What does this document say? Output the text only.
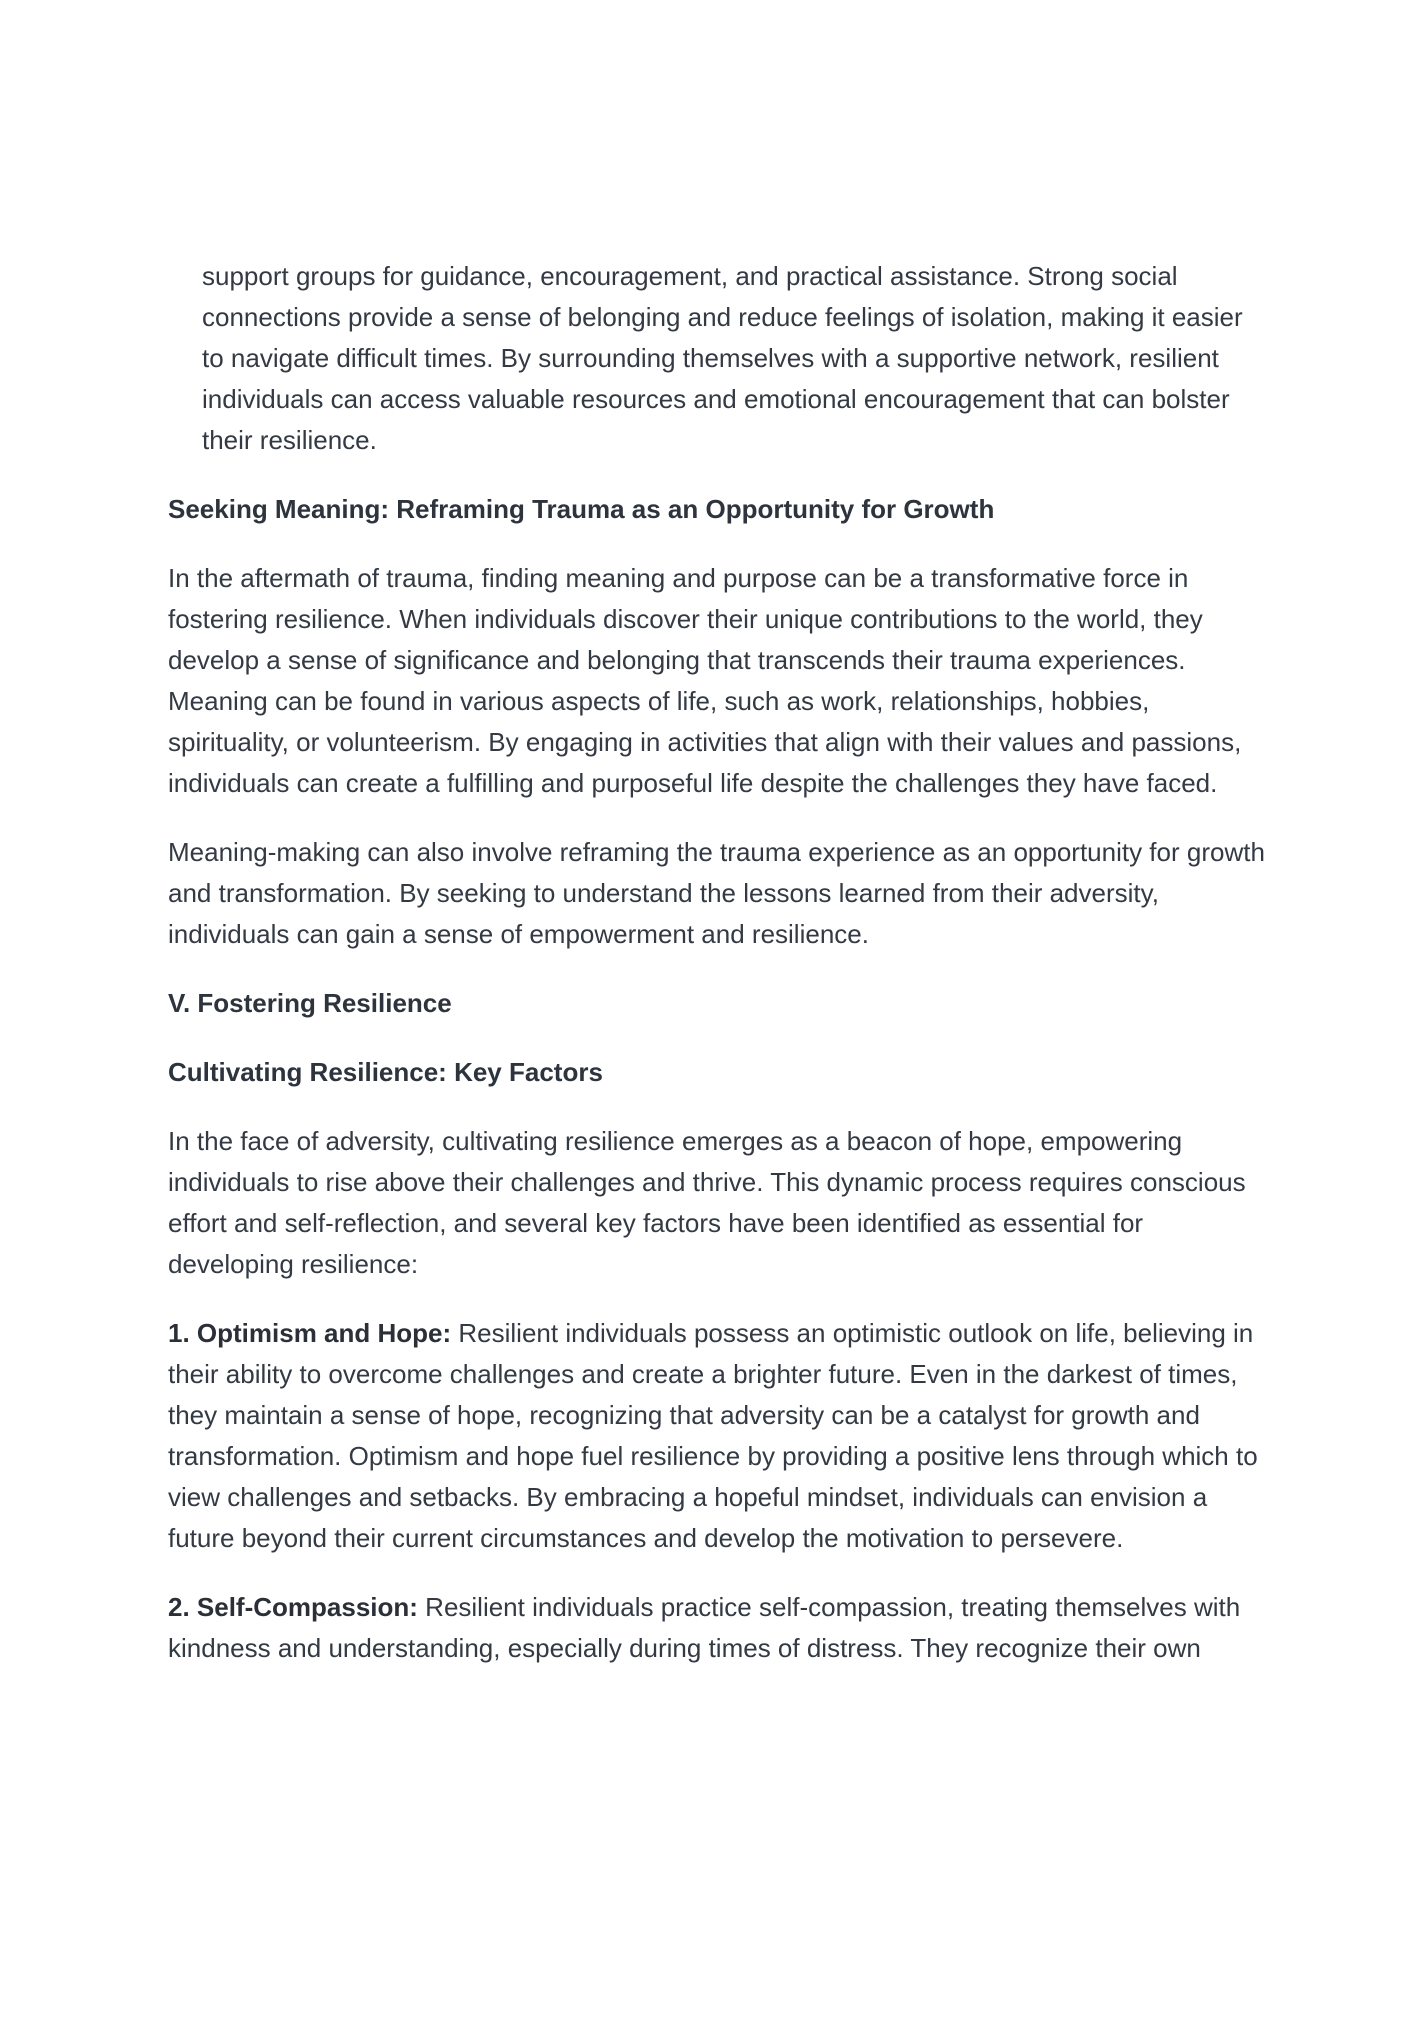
support groups for guidance, encouragement, and practical assistance. Strong social connections provide a sense of belonging and reduce feelings of isolation, making it easier to navigate difficult times. By surrounding themselves with a supportive network, resilient individuals can access valuable resources and emotional encouragement that can bolster their resilience.

Seeking Meaning: Reframing Trauma as an Opportunity for Growth

In the aftermath of trauma, finding meaning and purpose can be a transformative force in fostering resilience. When individuals discover their unique contributions to the world, they develop a sense of significance and belonging that transcends their trauma experiences. Meaning can be found in various aspects of life, such as work, relationships, hobbies, spirituality, or volunteerism. By engaging in activities that align with their values and passions, individuals can create a fulfilling and purposeful life despite the challenges they have faced.

Meaning-making can also involve reframing the trauma experience as an opportunity for growth and transformation. By seeking to understand the lessons learned from their adversity, individuals can gain a sense of empowerment and resilience.

V. Fostering Resilience
Cultivating Resilience: Key Factors

In the face of adversity, cultivating resilience emerges as a beacon of hope, empowering individuals to rise above their challenges and thrive. This dynamic process requires conscious effort and self-reflection, and several key factors have been identified as essential for developing resilience:

1. Optimism and Hope: Resilient individuals possess an optimistic outlook on life, believing in their ability to overcome challenges and create a brighter future. Even in the darkest of times, they maintain a sense of hope, recognizing that adversity can be a catalyst for growth and transformation. Optimism and hope fuel resilience by providing a positive lens through which to view challenges and setbacks. By embracing a hopeful mindset, individuals can envision a future beyond their current circumstances and develop the motivation to persevere.

2. Self-Compassion: Resilient individuals practice self-compassion, treating themselves with kindness and understanding, especially during times of distress. They recognize their own
